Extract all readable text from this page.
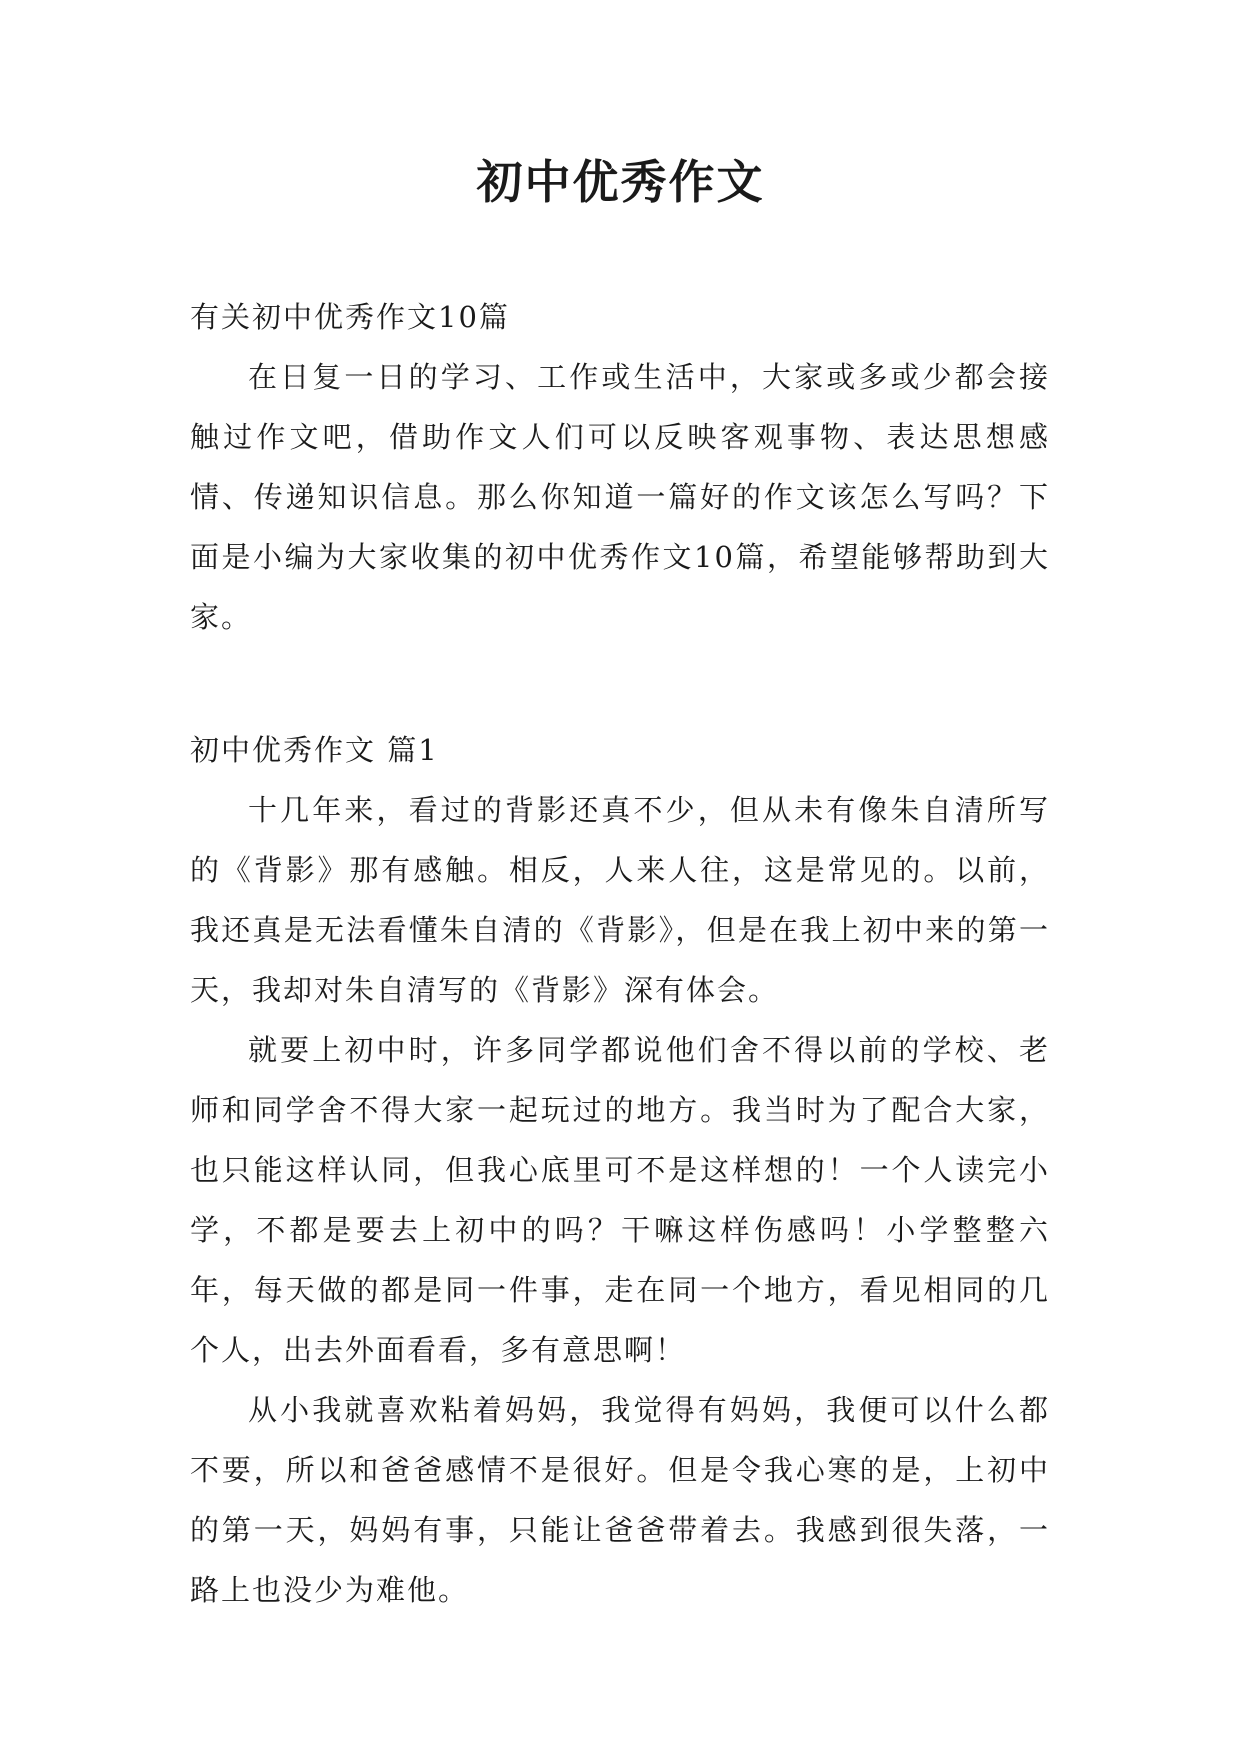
初中优秀作文

有关初中优秀作文10篇

在日复一日的学习、工作或生活中，大家或多或少都会接触过作文吧，借助作文人们可以反映客观事物、表达思想感情、传递知识信息。那么你知道一篇好的作文该怎么写吗？下面是小编为大家收集的初中优秀作文10篇，希望能够帮助到大家。

初中优秀作文 篇1

十几年来，看过的背影还真不少，但从未有像朱自清所写的《背影》那有感触。相反，人来人往，这是常见的。以前，我还真是无法看懂朱自清的《背影》，但是在我上初中来的第一天，我却对朱自清写的《背影》深有体会。

就要上初中时，许多同学都说他们舍不得以前的学校、老师和同学舍不得大家一起玩过的地方。我当时为了配合大家，也只能这样认同，但我心底里可不是这样想的！一个人读完小学，不都是要去上初中的吗？干嘛这样伤感吗！小学整整六年，每天做的都是同一件事，走在同一个地方，看见相同的几个人，出去外面看看，多有意思啊！

从小我就喜欢粘着妈妈，我觉得有妈妈，我便可以什么都不要，所以和爸爸感情不是很好。但是令我心寒的是，上初中的第一天，妈妈有事，只能让爸爸带着去。我感到很失落，一路上也没少为难他。
